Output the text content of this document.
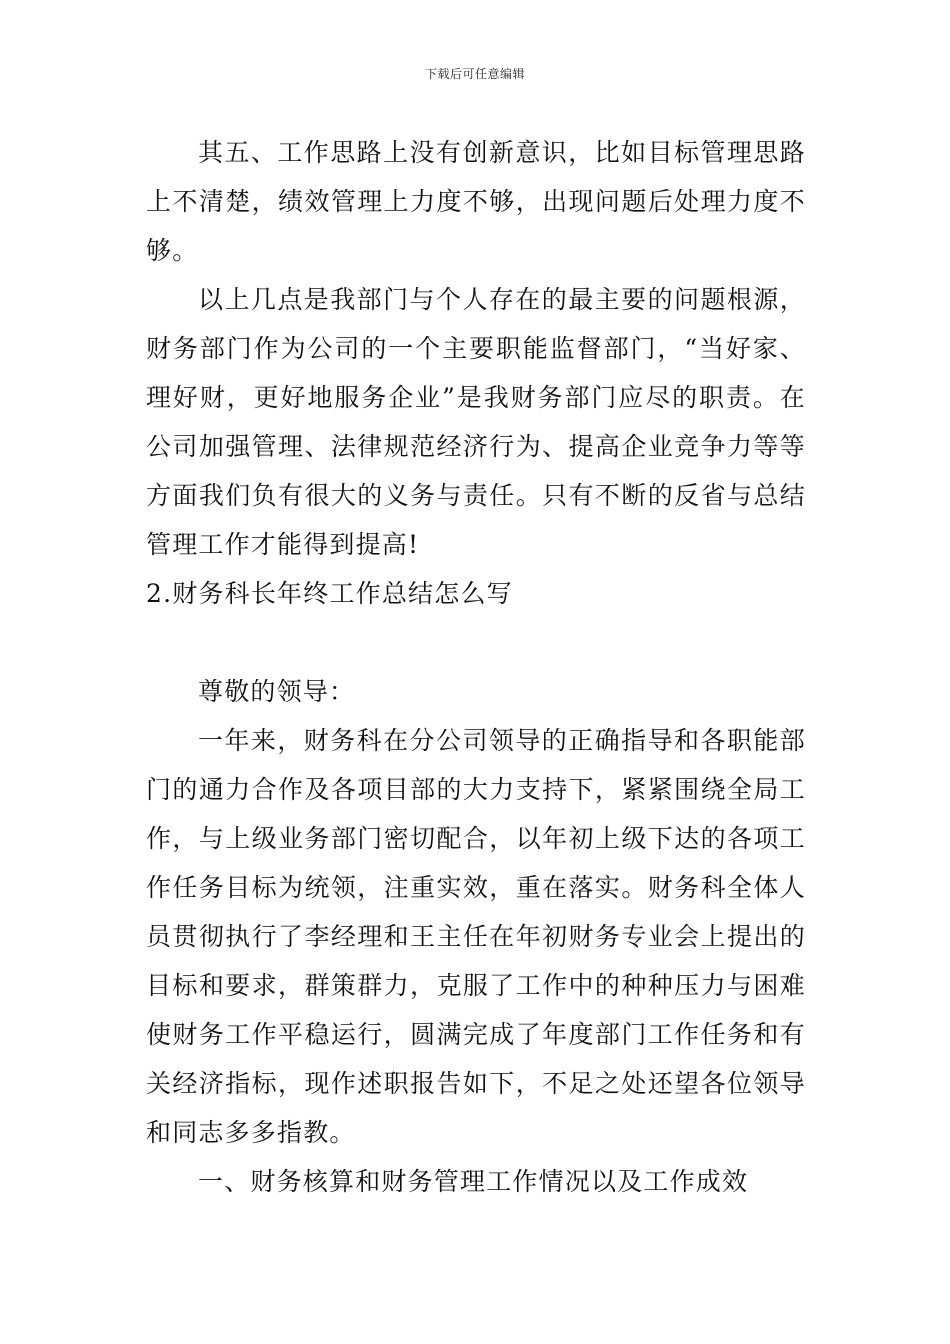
下载后可任意编辑

其五、工作思路上没有创新意识，比如目标管理思路上不清楚，绩效管理上力度不够，出现问题后处理力度不够。

以上几点是我部门与个人存在的最主要的问题根源，财务部门作为公司的一个主要职能监督部门，“当好家、理好财，更好地服务企业”是我财务部门应尽的职责。在公司加强管理、法律规范经济行为、提高企业竞争力等等方面我们负有很大的义务与责任。只有不断的反省与总结管理工作才能得到提高!

2.财务科长年终工作总结怎么写

尊敬的领导：

一年来，财务科在分公司领导的正确指导和各职能部门的通力合作及各项目部的大力支持下，紧紧围绕全局工作，与上级业务部门密切配合，以年初上级下达的各项工作任务目标为统领，注重实效，重在落实。财务科全体人员贯彻执行了李经理和王主任在年初财务专业会上提出的目标和要求，群策群力，克服了工作中的种种压力与困难使财务工作平稳运行，圆满完成了年度部门工作任务和有关经济指标，现作述职报告如下，不足之处还望各位领导和同志多多指教。

一、财务核算和财务管理工作情况以及工作成效
